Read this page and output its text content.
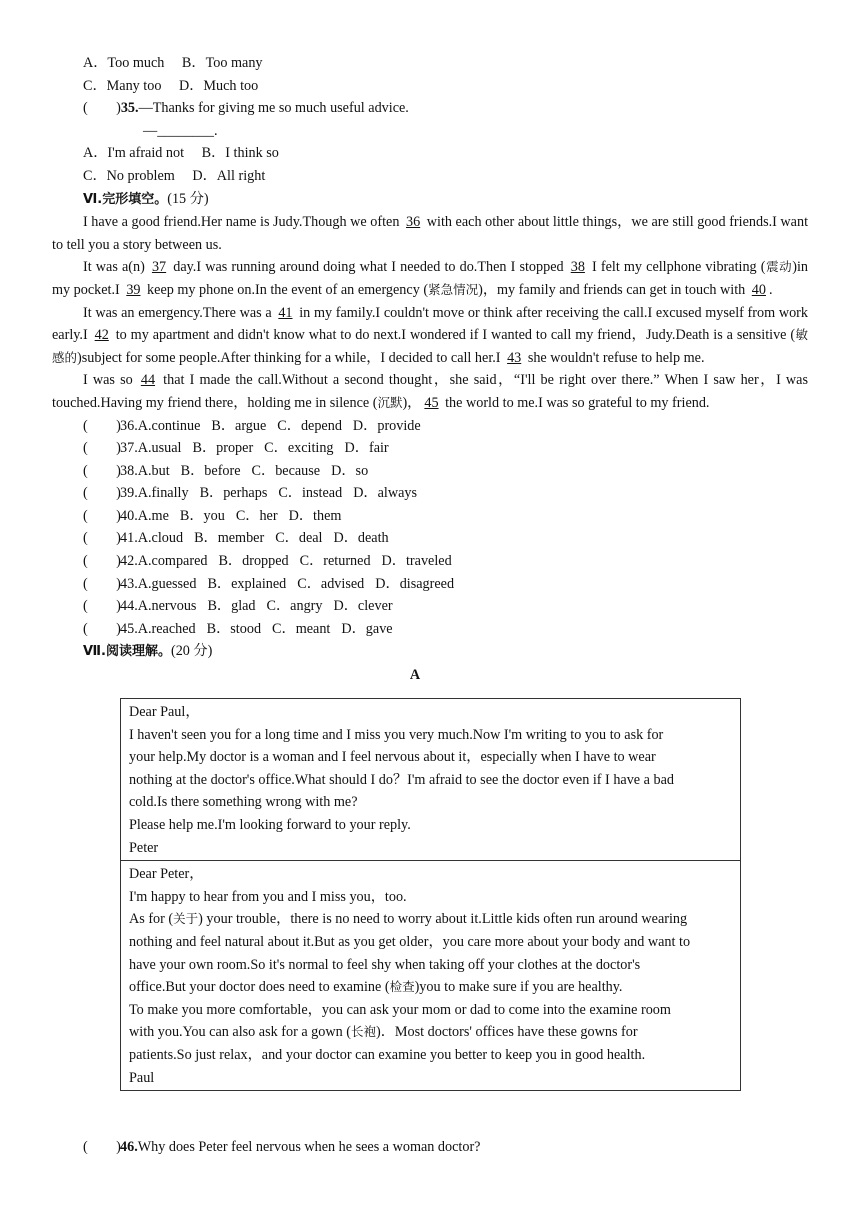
A．Too much B．Too many
C．Many too D．Much too
(　　)35.—Thanks for giving me so much useful advice.
—________.
A．I'm afraid not B．I think so
C．No problem D．All right
Ⅵ.完形填空。(15 分)
I have a good friend.Her name is Judy.Though we often 36 with each other about little things，we are still good friends.I want to tell you a story between us.
It was a(n) 37 day.I was running around doing what I needed to do.Then I stopped 38 I felt my cellphone vibrating (震动)in my pocket.I 39 keep my phone on.In the event of an emergency (紧急情况)，my family and friends can get in touch with 40 .
It was an emergency.There was a 41 in my family.I couldn't move or think after receiving the call.I excused myself from work early.I 42 to my apartment and didn't know what to do next.I wondered if I wanted to call my friend，Judy.Death is a sensitive (敏感的)subject for some people.After thinking for a while，I decided to call her.I 43 she wouldn't refuse to help me.
I was so 44 that I made the call.Without a second thought，she said，“I'll be right over there.” When I saw her，I was touched.Having my friend there，holding me in silence (沉默)， 45 the world to me.I was so grateful to my friend.
(　　)36.A.continue B．argue C．depend D．provide
(　　)37.A.usual B．proper C．exciting D．fair
(　　)38.A.but B．before C．because D．so
(　　)39.A.finally B．perhaps C．instead D．always
(　　)40.A.me B．you C．her D．them
(　　)41.A.cloud B．member C．deal D．death
(　　)42.A.compared B．dropped C．returned D．traveled
(　　)43.A.guessed B．explained C．advised D．disagreed
(　　)44.A.nervous B．glad C．angry D．clever
(　　)45.A.reached B．stood C．meant D．gave
Ⅶ.阅读理解。(20 分)
A
Dear Paul，
I haven't seen you for a long time and I miss you very much.Now I'm writing to you to ask for
your help.My doctor is a woman and I feel nervous about it，especially when I have to wear
nothing at the doctor's office.What should I do？I'm afraid to see the doctor even if I have a bad
cold.Is there something wrong with me?
Please help me.I'm looking forward to your reply.
Peter
Dear Peter，
I'm happy to hear from you and I miss you，too.
As for (关于) your trouble，there is no need to worry about it.Little kids often run around wearing
nothing and feel natural about it.But as you get older，you care more about your body and want to
have your own room.So it's normal to feel shy when taking off your clothes at the doctor's
office.But your doctor does need to examine (检查)you to make sure if you are healthy.
To make you more comfortable，you can ask your mom or dad to come into the examine room
with you.You can also ask for a gown (长袍)．Most doctors' offices have these gowns for
patients.So just relax，and your doctor can examine you better to keep you in good health.
Paul
(　　)46.Why does Peter feel nervous when he sees a woman doctor?
